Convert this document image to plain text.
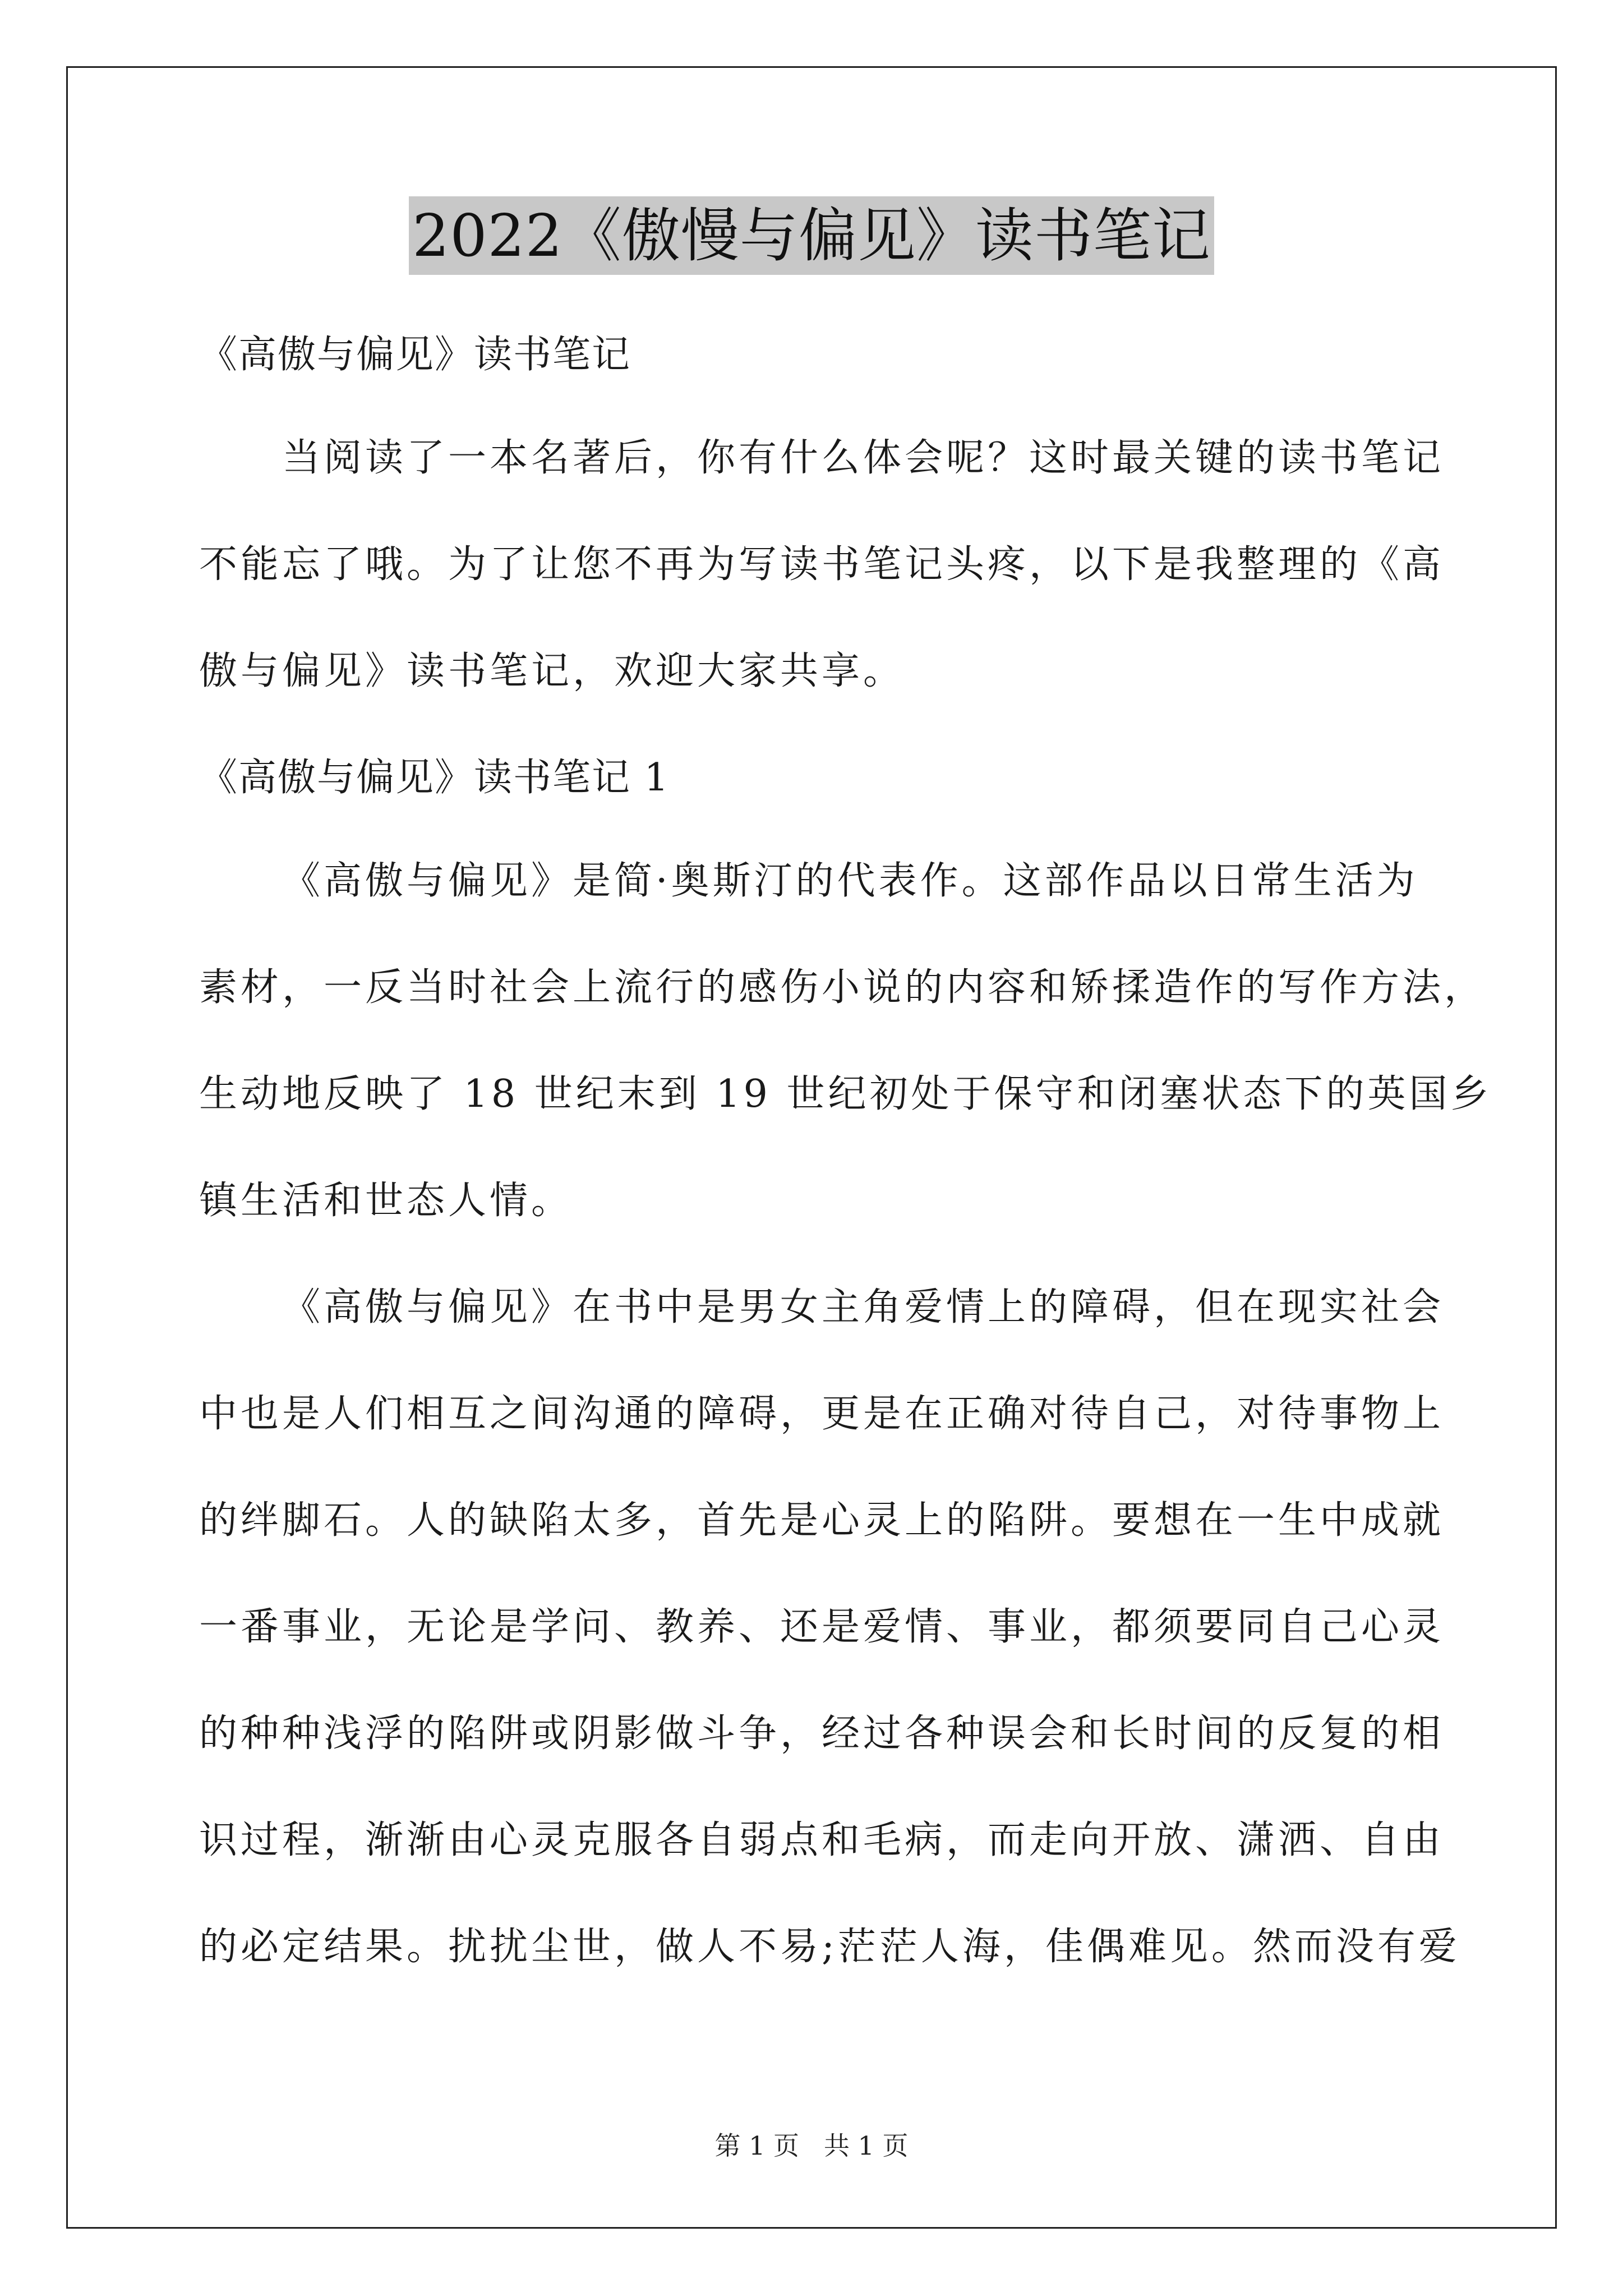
2022《傲慢与偏见》读书笔记
《高傲与偏见》读书笔记
当阅读了一本名著后，你有什么体会呢？这时最关键的读书笔记
不能忘了哦。为了让您不再为写读书笔记头疼，以下是我整理的《高
傲与偏见》读书笔记，欢迎大家共享。
《高傲与偏见》读书笔记 1
《高傲与偏见》是简·奥斯汀的代表作。这部作品以日常生活为
素材，一反当时社会上流行的感伤小说的内容和矫揉造作的写作方法，
生动地反映了 18 世纪末到 19 世纪初处于保守和闭塞状态下的英国乡
镇生活和世态人情。
《高傲与偏见》在书中是男女主角爱情上的障碍，但在现实社会
中也是人们相互之间沟通的障碍，更是在正确对待自己，对待事物上
的绊脚石。人的缺陷太多，首先是心灵上的陷阱。要想在一生中成就
一番事业，无论是学问、教养、还是爱情、事业，都须要同自己心灵
的种种浅浮的陷阱或阴影做斗争，经过各种误会和长时间的反复的相
识过程，渐渐由心灵克服各自弱点和毛病，而走向开放、潇洒、自由
的必定结果。扰扰尘世，做人不易;茫茫人海，佳偶难见。然而没有爱
第 1 页 共 1 页
